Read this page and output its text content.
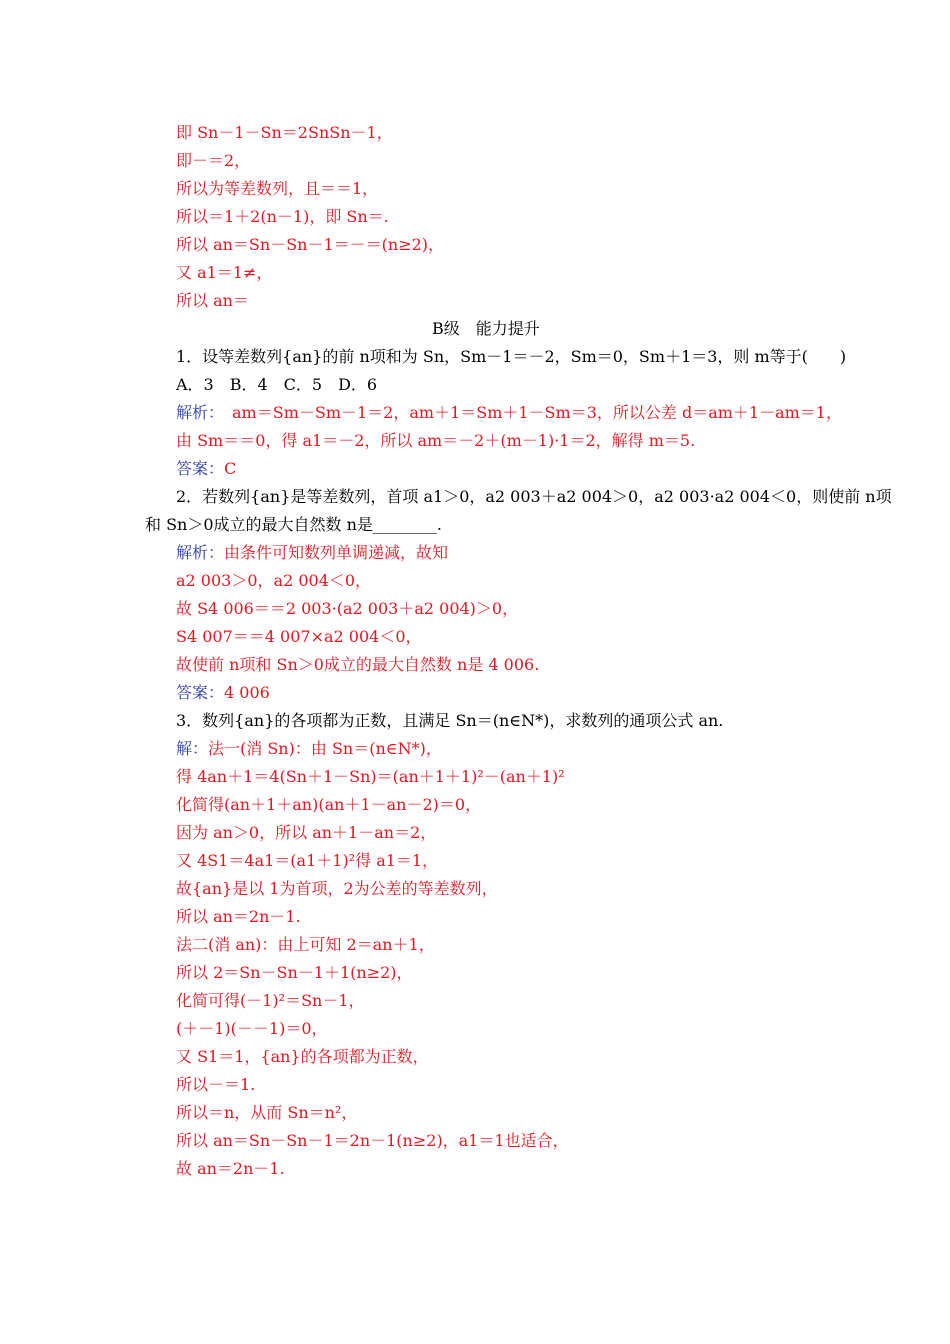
即 Sn－1－Sn＝2SnSn－1，
即－＝2，
所以为等差数列，且＝＝1，
所以＝1＋2(n－1)，即 Sn＝.
所以 an＝Sn－Sn－1＝－＝(n≥2)，
又 a1＝1≠，
所以 an＝
B级　能力提升
1．设等差数列{an}的前 n项和为 Sn，Sm－1＝－2，Sm＝0，Sm＋1＝3，则 m等于(　　)
A．3　B．4　C．5　D．6
解析：　am＝Sm－Sm－1＝2，am＋1＝Sm＋1－Sm＝3，所以公差 d＝am＋1－am＝1，
由 Sm＝＝0，得 a1＝－2，所以 am＝－2＋(m－1)·1＝2，解得 m＝5.
答案：C
2．若数列{an}是等差数列，首项 a1＞0，a2 003＋a2 004＞0，a2 003·a2 004＜0，则使前 n项
和 Sn＞0成立的最大自然数 n是________.
解析：由条件可知数列单调递减，故知
a2 003＞0，a2 004＜0，
故 S4 006＝＝2 003·(a2 003＋a2 004)＞0，
S4 007＝＝4 007×a2 004＜0，
故使前 n项和 Sn＞0成立的最大自然数 n是 4 006.
答案：4 006
3．数列{an}的各项都为正数，且满足 Sn＝(n∈N*)，求数列的通项公式 an.
解：法一(消 Sn)：由 Sn＝(n∈N*)，
得 4an＋1＝4(Sn＋1－Sn)＝(an＋1＋1)²－(an＋1)²
化简得(an＋1＋an)(an＋1－an－2)＝0，
因为 an＞0，所以 an＋1－an＝2，
又 4S1＝4a1＝(a1＋1)²得 a1＝1，
故{an}是以 1为首项，2为公差的等差数列，
所以 an＝2n－1.
法二(消 an)：由上可知 2＝an＋1，
所以 2＝Sn－Sn－1＋1(n≥2)，
化简可得(－1)²＝Sn－1，
(＋－1)(－－1)＝0，
又 S1＝1，{an}的各项都为正数，
所以－＝1.
所以＝n，从而 Sn＝n²，
所以 an＝Sn－Sn－1＝2n－1(n≥2)，a1＝1也适合，
故 an＝2n－1.
